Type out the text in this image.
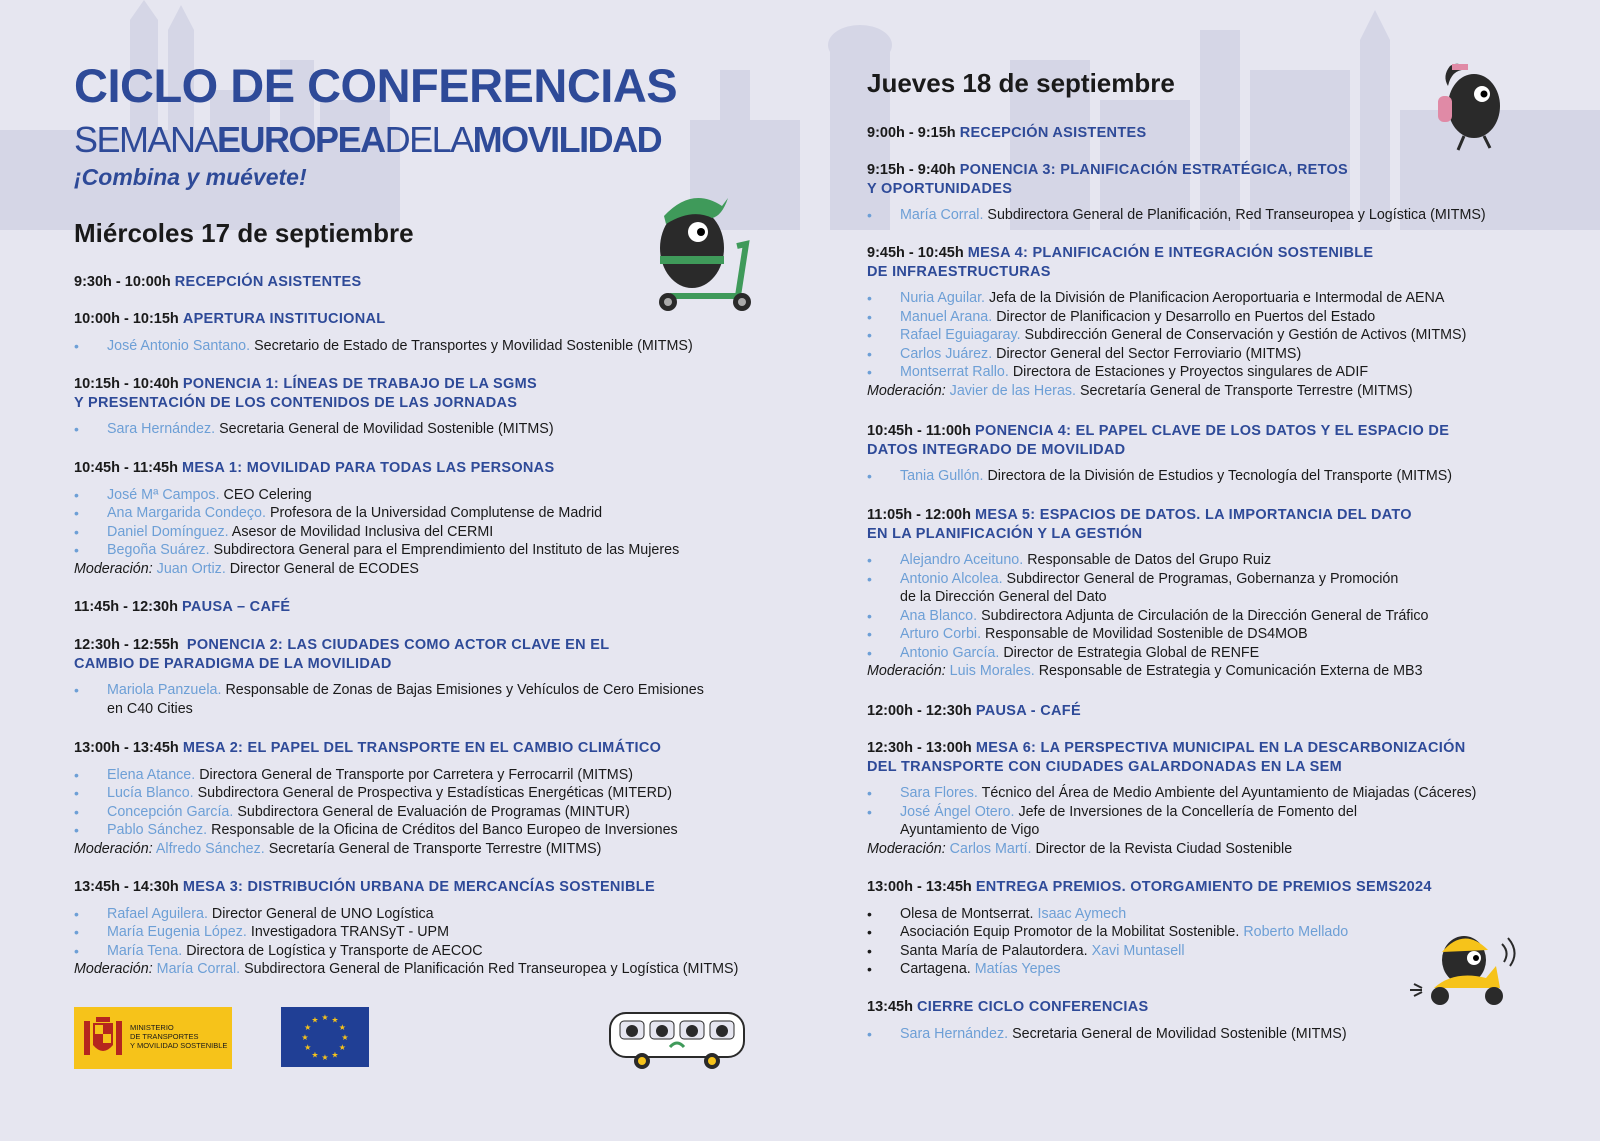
CICLO DE CONFERENCIAS

SEMANAEUROPEADELAMOVILIDAD

¡Combina y muévete!

Miércoles 17 de septiembre

9:30h - 10:00h RECEPCIÓN ASISTENTES

10:00h - 10:15h APERTURA INSTITUCIONAL

• José Antonio Santano. Secretario de Estado de Transportes y Movilidad Sostenible (MITMS)

10:15h - 10:40h PONENCIA 1: LÍNEAS DE TRABAJO DE LA SGMS
Y PRESENTACIÓN DE LOS CONTENIDOS DE LAS JORNADAS

• Sara Hernández. Secretaria General de Movilidad Sostenible (MITMS)

10:45h - 11:45h MESA 1: MOVILIDAD PARA TODAS LAS PERSONAS

• José Mª Campos. CEO Celering
• Ana Margarida Condeço. Profesora de la Universidad Complutense de Madrid
• Daniel Domínguez. Asesor de Movilidad Inclusiva del CERMI
• Begoña Suárez. Subdirectora General para el Emprendimiento del Instituto de las Mujeres
Moderación: Juan Ortiz. Director General de ECODES

11:45h - 12:30h PAUSA – CAFÉ

12:30h - 12:55h PONENCIA 2: LAS CIUDADES COMO ACTOR CLAVE EN EL
CAMBIO DE PARADIGMA DE LA MOVILIDAD

• Mariola Panzuela. Responsable de Zonas de Bajas Emisiones y Vehículos de Cero Emisiones
en C40 Cities

13:00h - 13:45h MESA 2: EL PAPEL DEL TRANSPORTE EN EL CAMBIO CLIMÁTICO

• Elena Atance. Directora General de Transporte por Carretera y Ferrocarril (MITMS)
• Lucía Blanco. Subdirectora General de Prospectiva y Estadísticas Energéticas (MITERD)
• Concepción García. Subdirectora General de Evaluación de Programas (MINTUR)
• Pablo Sánchez. Responsable de la Oficina de Créditos del Banco Europeo de Inversiones
Moderación: Alfredo Sánchez. Secretaría General de Transporte Terrestre (MITMS)

13:45h - 14:30h MESA 3: DISTRIBUCIÓN URBANA DE MERCANCÍAS SOSTENIBLE

• Rafael Aguilera. Director General de UNO Logística
• María Eugenia López. Investigadora TRANSyT - UPM
• María Tena. Directora de Logística y Transporte de AECOC
Moderación: María Corral. Subdirectora General de Planificación Red Transeuropea y Logística (MITMS)
MINISTERIO
DE TRANSPORTES
Y MOVILIDAD SOSTENIBLE
★
★
★
★
★
★
★
★
★ ★ ★
★
Jueves 18 de septiembre

9:00h - 9:15h RECEPCIÓN ASISTENTES

9:15h - 9:40h PONENCIA 3: PLANIFICACIÓN ESTRATÉGICA, RETOS
Y OPORTUNIDADES

• María Corral. Subdirectora General de Planificación, Red Transeuropea y Logística (MITMS)

9:45h - 10:45h MESA 4: PLANIFICACIÓN E INTEGRACIÓN SOSTENIBLE
DE INFRAESTRUCTURAS

• Nuria Aguilar. Jefa de la División de Planificacion Aeroportuaria e Intermodal de AENA
• Manuel Arana. Director de Planificacion y Desarrollo en Puertos del Estado
• Rafael Eguiagaray. Subdirección General de Conservación y Gestión de Activos (MITMS)
• Carlos Juárez. Director General del Sector Ferroviario (MITMS)
• Montserrat Rallo. Directora de Estaciones y Proyectos singulares de ADIF
Moderación: Javier de las Heras. Secretaría General de Transporte Terrestre (MITMS)

10:45h - 11:00h PONENCIA 4: EL PAPEL CLAVE DE LOS DATOS Y EL ESPACIO DE
DATOS INTEGRADO DE MOVILIDAD

• Tania Gullón. Directora de la División de Estudios y Tecnología del Transporte (MITMS)

11:05h - 12:00h MESA 5: ESPACIOS DE DATOS. LA IMPORTANCIA DEL DATO
EN LA PLANIFICACIÓN Y LA GESTIÓN

• Alejandro Aceituno. Responsable de Datos del Grupo Ruiz
• Antonio Alcolea. Subdirector General de Programas, Gobernanza y Promoción
de la Dirección General del Dato
• Ana Blanco. Subdirectora Adjunta de Circulación de la Dirección General de Tráfico
• Arturo Corbi. Responsable de Movilidad Sostenible de DS4MOB
• Antonio García. Director de Estrategia Global de RENFE
Moderación: Luis Morales. Responsable de Estrategia y Comunicación Externa de MB3

12:00h - 12:30h PAUSA - CAFÉ

12:30h - 13:00h MESA 6: LA PERSPECTIVA MUNICIPAL EN LA DESCARBONIZACIÓN
DEL TRANSPORTE CON CIUDADES GALARDONADAS EN LA SEM

• Sara Flores. Técnico del Área de Medio Ambiente del Ayuntamiento de Miajadas (Cáceres)
• José Ángel Otero. Jefe de Inversiones de la Concellería de Fomento del
Ayuntamiento de Vigo
Moderación: Carlos Martí. Director de la Revista Ciudad Sostenible

13:00h - 13:45h ENTREGA PREMIOS. OTORGAMIENTO DE PREMIOS SEMS2024

• Olesa de Montserrat. Isaac Aymech
• Asociación Equip Promotor de la Mobilitat Sostenible. Roberto Mellado
• Santa María de Palautordera. Xavi Muntasell
• Cartagena. Matías Yepes

13:45h CIERRE CICLO CONFERENCIAS

• Sara Hernández. Secretaria General de Movilidad Sostenible (MITMS)
